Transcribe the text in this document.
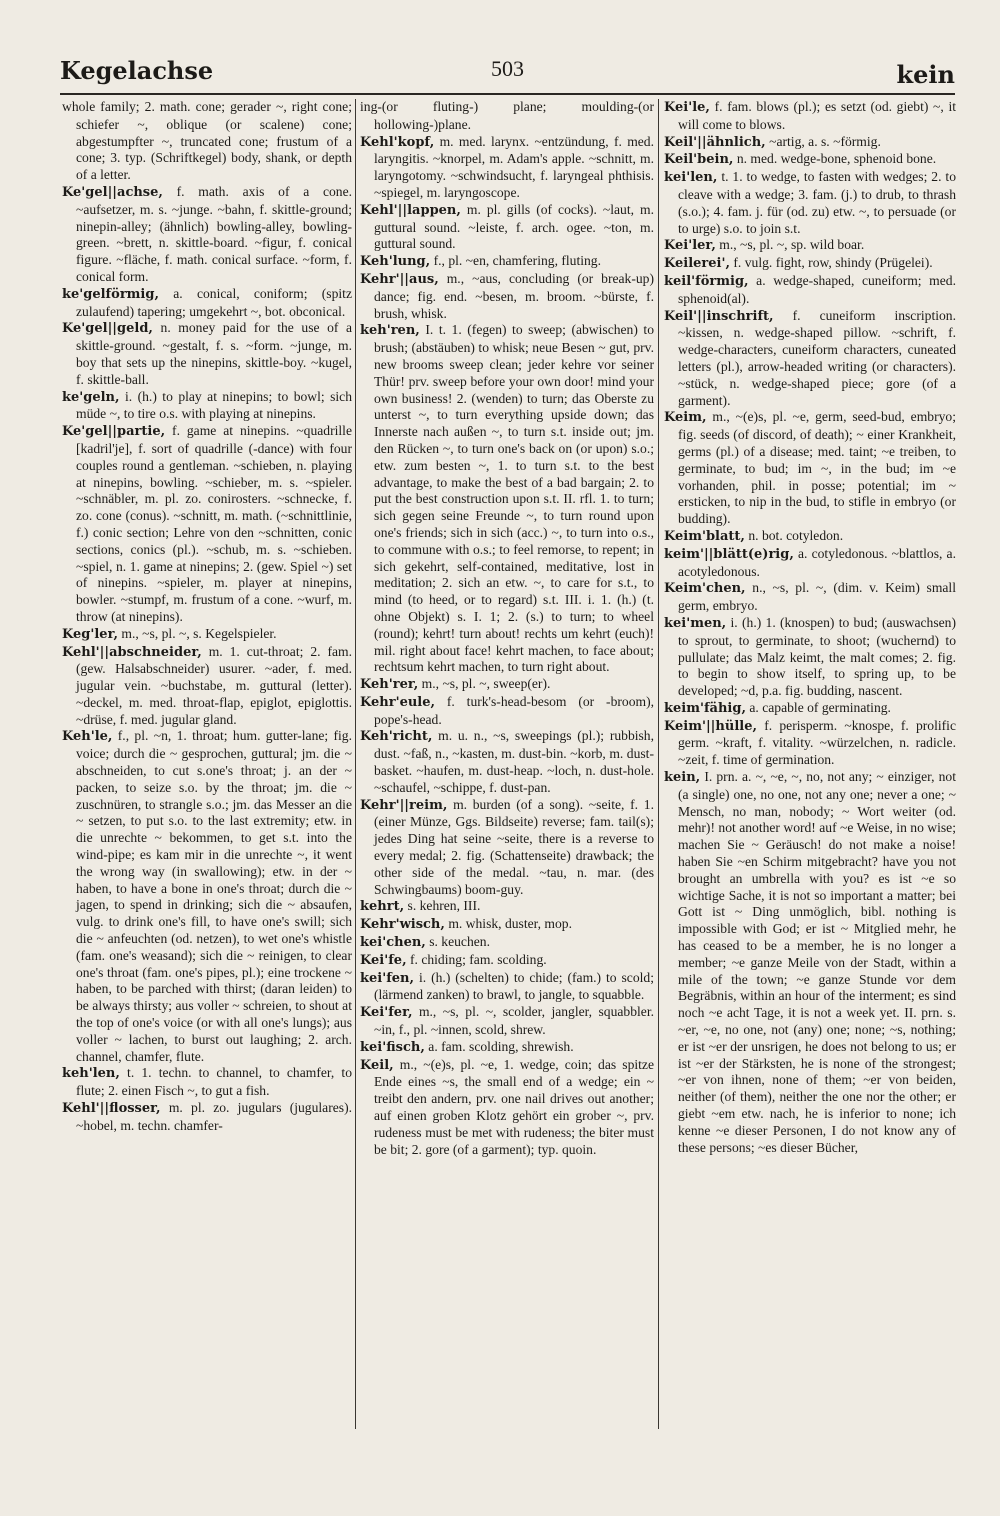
503
Kegelachse	kein

whole family; 2. math. cone; gerader ~, right cone; schiefer ~, oblique (or scalene) cone; abgestumpfter ~, truncated cone; frustum of a cone; 3. typ. (Schriftkegel) body, shank, or depth of a letter.

Ke'gel||achse, f. math. axis of a cone. ~aufsetzer, m. s. ~junge. ~bahn, f. skittle-ground; ninepin-alley; (ähnlich) bowling-alley, bowling-green. ~brett, n. skittle-board. ~figur, f. conical figure. ~fläche, f. math. conical surface. ~form, f. conical form.

ke'gelförmig, a. conical, coniform; (spitz zulaufend) tapering; umgekehrt ~, bot. obconical.

Ke'gel||geld, n. money paid for the use of a skittle-ground. ~gestalt, f. s. ~form. ~junge, m. boy that sets up the ninepins, skittle-boy. ~kugel, f. skittle-ball.

ke'geln, i. (h.) to play at ninepins; to bowl; sich müde ~, to tire o.s. with playing at ninepins.

Ke'gel||partie, f. game at ninepins. ~quadrille [kadril'je], f. sort of quadrille (-dance) with four couples round a gentleman. ~schieben, n. playing at ninepins, bowling. ~schieber, m. s. ~spieler. ~schnäbler, m. pl. zo. conirosters. ~schnecke, f. zo. cone (conus). ~schnitt, m. math. (~schnittlinie, f.) conic section; Lehre von den ~schnitten, conic sections, conics (pl.). ~schub, m. s. ~schieben. ~spiel, n. 1. game at ninepins; 2. (gew. Spiel ~) set of ninepins. ~spieler, m. player at ninepins, bowler. ~stumpf, m. frustum of a cone. ~wurf, m. throw (at ninepins).

Keg'ler, m., ~s, pl. ~, s. Kegelspieler.

Kehl'||abschneider, m. 1. cut-throat; 2. fam. (gew. Halsabschneider) usurer. ~ader, f. med. jugular vein. ~buchstabe, m. guttural (letter). ~deckel, m. med. throat-flap, epiglot, epiglottis. ~drüse, f. med. jugular gland.

Keh'le, f., pl. ~n, 1. throat; hum. gutter-lane; fig. voice; durch die ~ gesprochen, guttural; jm. die ~ abschneiden, to cut s.one's throat; j. an der ~ packen, to seize s.o. by the throat; jm. die ~ zuschnüren, to strangle s.o.; jm. das Messer an die ~ setzen, to put s.o. to the last extremity; etw. in die unrechte ~ bekommen, to get s.t. into the wind-pipe; es kam mir in die unrechte ~, it went the wrong way (in swallowing); etw. in der ~ haben, to have a bone in one's throat; durch die ~ jagen, to spend in drinking; sich die ~ absaufen, vulg. to drink one's fill, to have one's swill; sich die ~ anfeuchten (od. netzen), to wet one's whistle (fam. one's weasand); sich die ~ reinigen, to clear one's throat (fam. one's pipes, pl.); eine trockene ~ haben, to be parched with thirst; (daran leiden) to be always thirsty; aus voller ~ schreien, to shout at the top of one's voice (or with all one's lungs); aus voller ~ lachen, to burst out laughing; 2. arch. channel, chamfer, flute.

keh'len, t. 1. techn. to channel, to chamfer, to flute; 2. einen Fisch ~, to gut a fish.

Kehl'||flosser, m. pl. zo. jugulars (jugulares). ~hobel, m. techn. chamfer-

ing-(or fluting-) plane; moulding-(or hollowing-)plane.

Kehl'kopf, m. med. larynx. ~entzündung, f. med. laryngitis. ~knorpel, m. Adam's apple. ~schnitt, m. laryngotomy. ~schwindsucht, f. laryngeal phthisis. ~spiegel, m. laryngoscope.

Kehl'||lappen, m. pl. gills (of cocks). ~laut, m. guttural sound. ~leiste, f. arch. ogee. ~ton, m. guttural sound.

Keh'lung, f., pl. ~en, chamfering, fluting.

Kehr'||aus, m., ~aus, concluding (or break-up) dance; fig. end. ~besen, m. broom. ~bürste, f. brush, whisk.

keh'ren, I. t. 1. (fegen) to sweep; (abwischen) to brush; (abstäuben) to whisk; neue Besen ~ gut, prv. new brooms sweep clean; jeder kehre vor seiner Thür! prv. sweep before your own door! mind your own business! 2. (wenden) to turn; das Oberste zu unterst ~, to turn everything upside down; das Innerste nach außen ~, to turn s.t. inside out; jm. den Rücken ~, to turn one's back on (or upon) s.o.; etw. zum besten ~, 1. to turn s.t. to the best advantage, to make the best of a bad bargain; 2. to put the best construction upon s.t. II. rfl. 1. to turn; sich gegen seine Freunde ~, to turn round upon one's friends; sich in sich (acc.) ~, to turn into o.s., to commune with o.s.; to feel remorse, to repent; in sich gekehrt, self-contained, meditative, lost in meditation; 2. sich an etw. ~, to care for s.t., to mind (to heed, or to regard) s.t. III. i. 1. (h.) (t. ohne Objekt) s. I. 1; 2. (s.) to turn; to wheel (round); kehrt! turn about! rechts um kehrt (euch)! mil. right about face! kehrt machen, to face about; rechtsum kehrt machen, to turn right about.

Keh'rer, m., ~s, pl. ~, sweep(er).

Kehr'eule, f. turk's-head-besom (or -broom), pope's-head.

Keh'richt, m. u. n., ~s, sweepings (pl.); rubbish, dust. ~faß, n., ~kasten, m. dust-bin. ~korb, m. dust-basket. ~haufen, m. dust-heap. ~loch, n. dust-hole. ~schaufel, ~schippe, f. dust-pan.

Kehr'||reim, m. burden (of a song). ~seite, f. 1. (einer Münze, Ggs. Bildseite) reverse; fam. tail(s); jedes Ding hat seine ~seite, there is a reverse to every medal; 2. fig. (Schattenseite) drawback; the other side of the medal. ~tau, n. mar. (des Schwingbaums) boom-guy.

kehrt, s. kehren, III.

Kehr'wisch, m. whisk, duster, mop.

kei'chen, s. keuchen.

Kei'fe, f. chiding; fam. scolding.

kei'fen, i. (h.) (schelten) to chide; (fam.) to scold; (lärmend zanken) to brawl, to jangle, to squabble.

Kei'fer, m., ~s, pl. ~, scolder, jangler, squabbler. ~in, f., pl. ~innen, scold, shrew.

kei'fisch, a. fam. scolding, shrewish.

Keil, m., ~(e)s, pl. ~e, 1. wedge, coin; das spitze Ende eines ~s, the small end of a wedge; ein ~ treibt den andern, prv. one nail drives out another; auf einen groben Klotz gehört ein grober ~, prv. rudeness must be met with rudeness; the biter must be bit; 2. gore (of a garment); typ. quoin.

Kei'le, f. fam. blows (pl.); es setzt (od. giebt) ~, it will come to blows.

Keil'||ähnlich, ~artig, a. s. ~förmig.

Keil'bein, n. med. wedge-bone, sphenoid bone.

kei'len, t. 1. to wedge, to fasten with wedges; 2. to cleave with a wedge; 3. fam. (j.) to drub, to thrash (s.o.); 4. fam. j. für (od. zu) etw. ~, to persuade (or to urge) s.o. to join s.t.

Kei'ler, m., ~s, pl. ~, sp. wild boar.

Keilerei', f. vulg. fight, row, shindy (Prügelei).

keil'förmig, a. wedge-shaped, cuneiform; med. sphenoid(al).

Keil'||inschrift, f. cuneiform inscription. ~kissen, n. wedge-shaped pillow. ~schrift, f. wedge-characters, cuneiform characters, cuneated letters (pl.), arrow-headed writing (or characters). ~stück, n. wedge-shaped piece; gore (of a garment).

Keim, m., ~(e)s, pl. ~e, germ, seed-bud, embryo; fig. seeds (of discord, of death); ~ einer Krankheit, germs (pl.) of a disease; med. taint; ~e treiben, to germinate, to bud; im ~, in the bud; im ~e vorhanden, phil. in posse; potential; im ~ ersticken, to nip in the bud, to stifle in embryo (or budding).

Keim'blatt, n. bot. cotyledon.

keim'||blätt(e)rig, a. cotyledonous. ~blattlos, a. acotyledonous.

Keim'chen, n., ~s, pl. ~, (dim. v. Keim) small germ, embryo.

kei'men, i. (h.) 1. (knospen) to bud; (auswachsen) to sprout, to germinate, to shoot; (wuchernd) to pullulate; das Malz keimt, the malt comes; 2. fig. to begin to show itself, to spring up, to be developed; ~d, p.a. fig. budding, nascent.

keim'fähig, a. capable of germinating.

Keim'||hülle, f. perisperm. ~knospe, f. prolific germ. ~kraft, f. vitality. ~würzelchen, n. radicle. ~zeit, f. time of germination.

kein, I. prn. a. ~, ~e, ~, no, not any; ~ einziger, not (a single) one, no one, not any one; never a one; ~ Mensch, no man, nobody; ~ Wort weiter (od. mehr)! not another word! auf ~e Weise, in no wise; machen Sie ~ Geräusch! do not make a noise! haben Sie ~en Schirm mitgebracht? have you not brought an umbrella with you? es ist ~e so wichtige Sache, it is not so important a matter; bei Gott ist ~ Ding unmöglich, bibl. nothing is impossible with God; er ist ~ Mitglied mehr, he has ceased to be a member, he is no longer a member; ~e ganze Meile von der Stadt, within a mile of the town; ~e ganze Stunde vor dem Begräbnis, within an hour of the interment; es sind noch ~e acht Tage, it is not a week yet. II. prn. s. ~er, ~e, no one, not (any) one; none; ~s, nothing; er ist ~er der unsrigen, he does not belong to us; er ist ~er der Stärksten, he is none of the strongest; ~er von ihnen, none of them; ~er von beiden, neither (of them), neither the one nor the other; er giebt ~em etw. nach, he is inferior to none; ich kenne ~e dieser Personen, I do not know any of these persons; ~es dieser Bücher,
